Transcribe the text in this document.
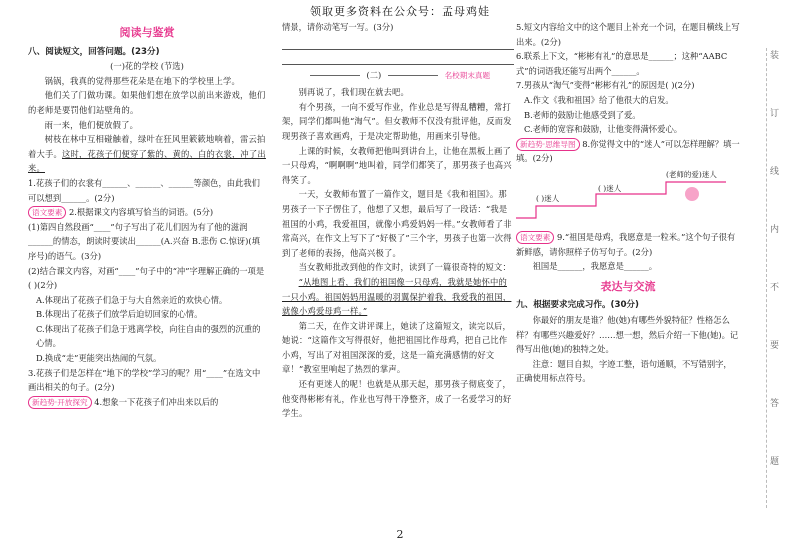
领取更多资料在公众号：孟母鸡娃
阅读与鉴赏
八、阅读短文，回答问题。(23分)
(一)花的学校 (节选)
锅锅，我真的觉得那些花朵是在地下的学校里上学。
他们关了门做功课。如果他们想在放学以前出来游戏，他们的老师是要罚他们站壁角的。
雨一来，他们便放假了。
树枝在林中互相碰触着，绿叶在狂风里簌簌地响着，雷云拍着大手。这时，花孩子们便穿了紫的、黄的、白的衣裳，冲了出来。
1.花孩子们的衣裳有______、______、______等颜色，由此我们可以想到______。(2分)
语文要素 2.根据课文内容填写恰当的词语。(5分)
(1)第四自然段画“____”句子写出了花儿们因为有了他的滋润______的情态，朗读时要读出______(A.兴奋 B.悲伤 C.惊讶)(填序号)的语气。(3分)
(2)结合课文内容，对画“____”句子中的“冲”字理解正确的一项是( )(2分)
A.体现出了花孩子们急于与大自然亲近的欢快心情。
B.体现出了花孩子们放学后迫切回家的心情。
C.体现出了花孩子们急于逃离学校，向往自由的强烈的沉重的心情。
D.换成“走”更能突出热闹的气氛。
3.花孩子们是怎样在“地下的学校”学习的呢？用“____”在选文中画出相关的句子。(2分)
新趋势·开放探究 4.想象一下花孩子们冲出来以后的
情景，请你动笔写一写。(3分)
(二)	名校期末真题
别再说了，我们现在就去吧。
有个男孩，一向不爱写作业，作业总是写得乱糟糟，常打架，同学们都叫他“淘气”。但女教师不仅没有批评他，反而发现男孩子喜欢画鸡，于是决定帮助他，用画来引导他。
上课的时候，女教师把他叫到讲台上，让他在黑板上画了一只母鸡，“啊啊啊”地叫着，同学们都笑了，那男孩子也高兴得笑了。
一天，女教师布置了一篇作文，题目是《我和祖国》。那男孩子一下子愣住了，他想了又想，最后写了一段话：“我是祖国的小鸡，我爱祖国，就像小鸡爱妈妈一样。”女教师看了非常高兴，在作文上写下了“好极了”三个字，男孩子也第一次得到了老师的表扬，他高兴极了。
当女教师批改到他的作文时，读到了一篇很奇特的短文：
“从地图上看，我们的祖国像一只母鸡，我就是她怀中的一只小鸡。祖国妈妈用温暖的羽翼保护着我，我爱我的祖国，就像小鸡爱母鸡一样。”
第二天，在作文讲评课上，她读了这篇短文，读完以后，她说：“这篇作文写得很好，他把祖国比作母鸡，把自己比作小鸡，写出了对祖国深深的爱，这是一篇充满感情的好文章！”教室里响起了热烈的掌声。
还有更迷人的呢！也就是从那天起，那男孩子彻底变了，他变得彬彬有礼，作业也写得干净整齐，成了一名爱学习的好学生。
5.短文内容给文中的这个题目上补充一个词，在题目横线上写出来。(2分)
6.联系上下文，“彬彬有礼”的意思是______；这种“AABC式”的词语我还能写出两个______。
7.男孩从“淘气”变得“彬彬有礼”的原因是( )(2分)
A.作文《我和祖国》给了他很大的启发。
B.老师的鼓励让他感受到了爱。
C.老师的宽容和鼓励，让他变得满怀爱心。
新趋势·思维导图 8.你觉得文中的“迷人”可以怎样理解？填一填。(2分)
(老师的爱)迷人
( )迷人
( )迷人
语文要素 9.“祖国是母鸡，我愿意是一粒米。”这个句子很有新鲜感，请你照样子仿写句子。(2分)
祖国是______，我愿意是______。
表达与交流
九、根据要求完成习作。(30分)
你最好的朋友是谁？他(她)有哪些外貌特征？性格怎么样？有哪些兴趣爱好？……想一想，然后介绍一下他(她)。记得写出他(她)的独特之处。
注意：题目自拟，字迹工整，语句通顺，不写错别字，正确使用标点符号。
装
订
线
内
不
要
答
题
2
